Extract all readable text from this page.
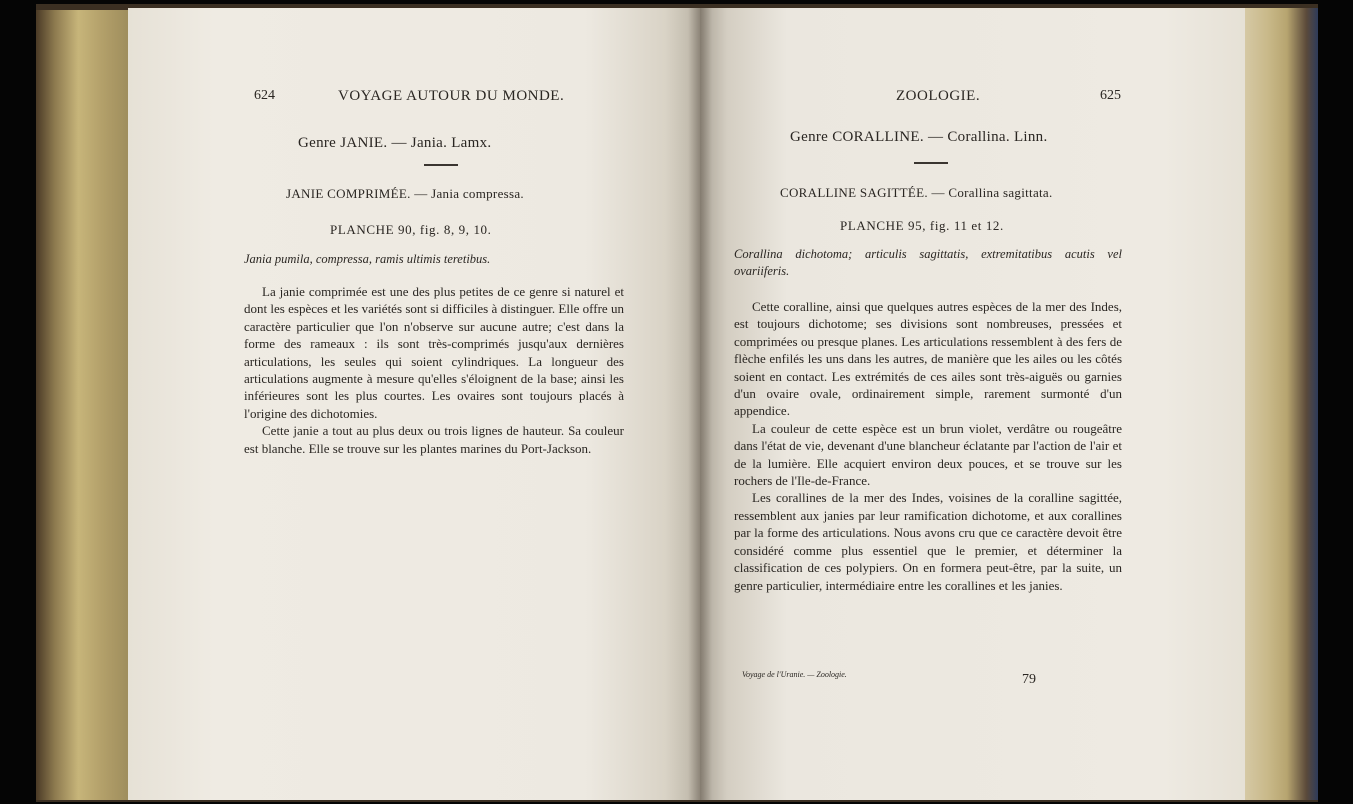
624	VOYAGE AUTOUR DU MONDE.
Genre JANIE. — Jania. Lamx.
JANIE COMPRIMÉE. — Jania compressa.
PLANCHE 90, fig. 8, 9, 10.
Jania pumila, compressa, ramis ultimis teretibus.

La janie comprimée est une des plus petites de ce genre si naturel et dont les espèces et les variétés sont si difficiles à distinguer. Elle offre un caractère particulier que l'on n'observe sur aucune autre; c'est dans la forme des rameaux : ils sont très-comprimés jusqu'aux dernières articulations, les seules qui soient cylindriques. La longueur des articulations augmente à mesure qu'elles s'éloignent de la base; ainsi les inférieures sont les plus courtes. Les ovaires sont toujours placés à l'origine des dichotomies.

Cette janie a tout au plus deux ou trois lignes de hauteur. Sa couleur est blanche. Elle se trouve sur les plantes marines du Port-Jackson.

ZOOLOGIE.	625
Genre CORALLINE. — Corallina. Linn.
CORALLINE SAGITTÉE. — Corallina sagittata.
PLANCHE 95, fig. 11 et 12.
Corallina dichotoma; articulis sagittatis, extremitatibus acutis vel ovariiferis.

Cette coralline, ainsi que quelques autres espèces de la mer des Indes, est toujours dichotome; ses divisions sont nombreuses, pressées et comprimées ou presque planes. Les articulations ressemblent à des fers de flèche enfilés les uns dans les autres, de manière que les ailes ou les côtés soient en contact. Les extrémités de ces ailes sont très-aiguës ou garnies d'un ovaire ovale, ordinairement simple, rarement surmonté d'un appendice.

La couleur de cette espèce est un brun violet, verdâtre ou rougeâtre dans l'état de vie, devenant d'une blancheur éclatante par l'action de l'air et de la lumière. Elle acquiert environ deux pouces, et se trouve sur les rochers de l'Ile-de-France.

Les corallines de la mer des Indes, voisines de la coralline sagittée, ressemblent aux janies par leur ramification dichotome, et aux corallines par la forme des articulations. Nous avons cru que ce caractère devoit être considéré comme plus essentiel que le premier, et déterminer la classification de ces polypiers. On en formera peut-être, par la suite, un genre particulier, intermédiaire entre les corallines et les janies.

Voyage de l'Uranie. — Zoologie.	79
